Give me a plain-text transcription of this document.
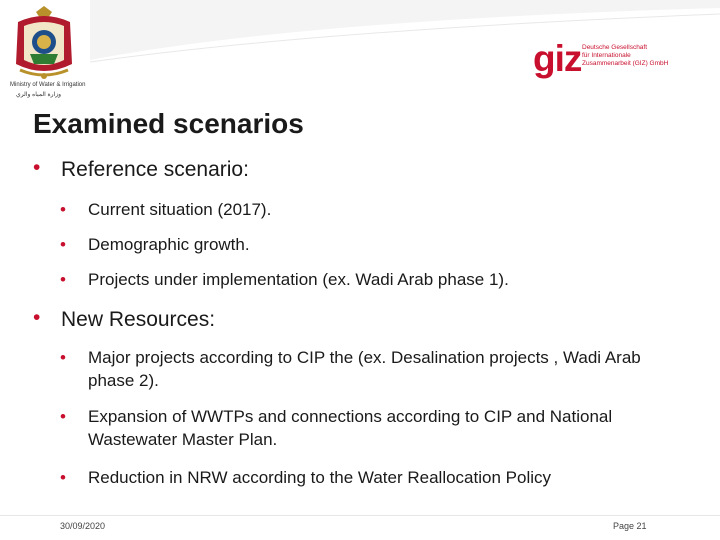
Ministry of Water & Irrigation
وزارة المياه والري
giz Deutsche Gesellschaft
für Internationale
Zusammenarbeit (GIZ) GmbH
Examined scenarios
• Reference scenario:
• Current situation (2017).
• Demographic growth.
• Projects under implementation (ex. Wadi Arab phase 1).
• New Resources:
• Major projects according to CIP the (ex. Desalination projects , Wadi Arab phase 2).
• Expansion of WWTPs and connections according to CIP and National Wastewater Master Plan.
• Reduction in NRW according to the Water Reallocation Policy
30/09/2020	Page 21
